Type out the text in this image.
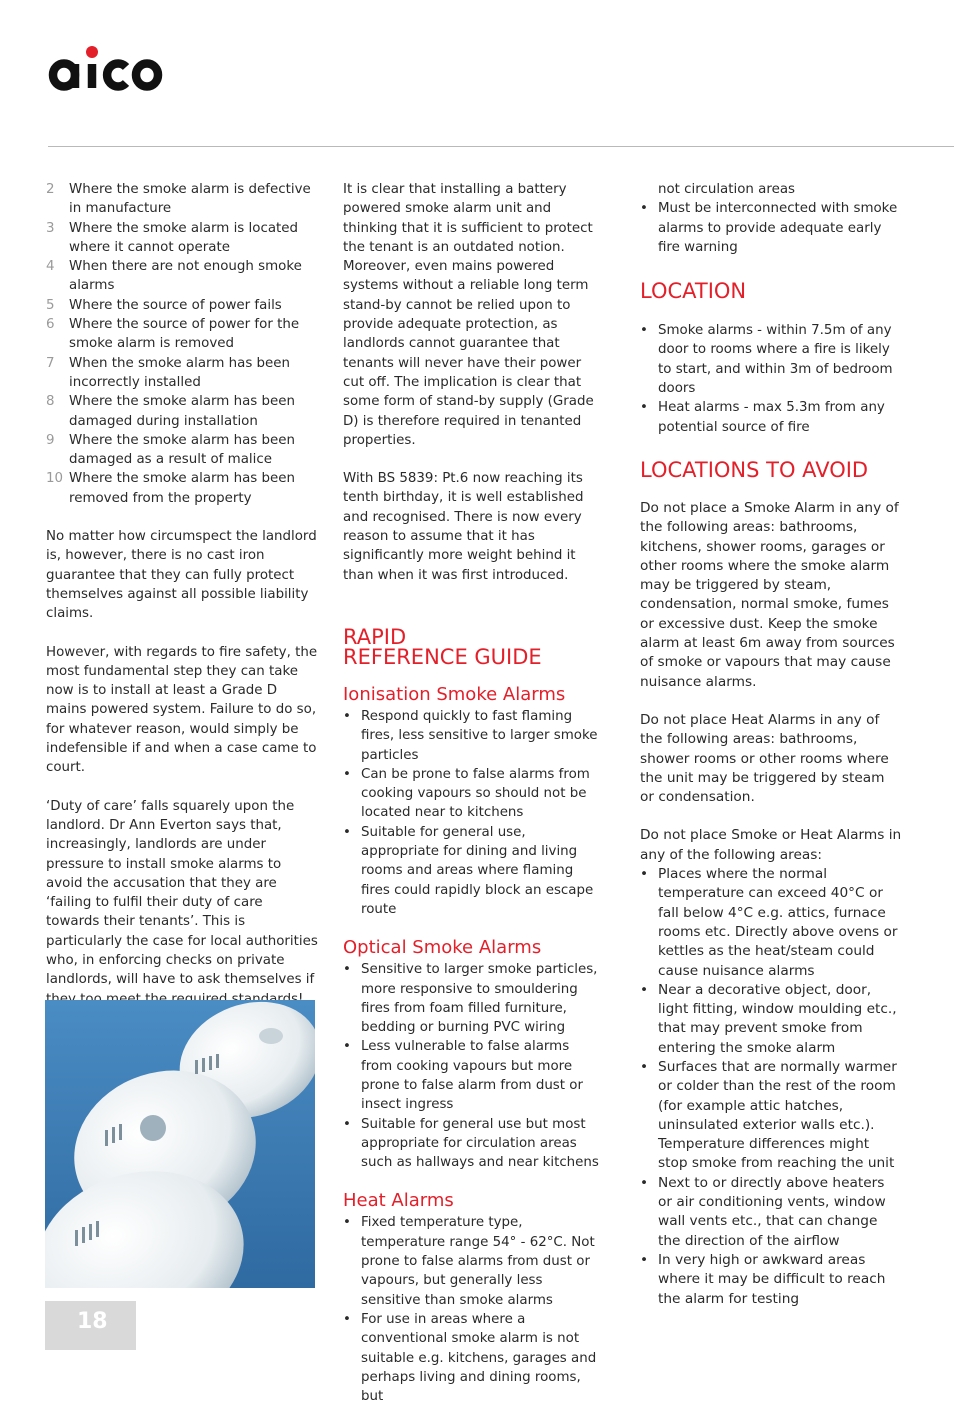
2 Where the smoke alarm is defective in manufacture
3 Where the smoke alarm is located where it cannot operate
4 When there are not enough smoke alarms
5 Where the source of power fails
6 Where the source of power for the smoke alarm is removed
7 When the smoke alarm has been incorrectly installed
8 Where the smoke alarm has been damaged during installation
9 Where the smoke alarm has been damaged as a result of malice
10 Where the smoke alarm has been removed from the property

No matter how circumspect the landlord is, however, there is no cast iron guarantee that they can fully protect themselves against all possible liability claims.

However, with regards to fire safety, the most fundamental step they can take now is to install at least a Grade D mains powered system. Failure to do so, for whatever reason, would simply be indefensible if and when a case came to court.

‘Duty of care’ falls squarely upon the landlord. Dr Ann Everton says that, increasingly, landlords are under pressure to install smoke alarms to avoid the accusation that they are ‘failing to fulfil their duty of care towards their tenants’. This is particularly the case for local authorities who, in enforcing checks on private landlords, will have to ask themselves if

It is clear that installing a battery powered smoke alarm unit and thinking that it is sufficient to protect the tenant is an outdated notion. Moreover, even mains powered systems without a reliable long term stand-by cannot be relied upon to provide adequate protection, as landlords cannot guarantee that tenants will never have their power cut off. The implication is clear that some form of stand-by supply (Grade D) is therefore required in tenanted properties.

With BS 5839: Pt.6 now reaching its tenth birthday, it is well established and recognised. There is now every reason to assume that it has significantly more weight behind it than when it was first introduced.

RAPID
REFERENCE GUIDE
Ionisation Smoke Alarms
• Respond quickly to fast flaming fires, less sensitive to larger smoke particles
• Can be prone to false alarms from cooking vapours so should not be located near to kitchens
• Suitable for general use, appropriate for dining and living rooms and areas where flaming fires could rapidly block an escape route
Optical Smoke Alarms
• Sensitive to larger smoke particles, more responsive to smouldering fires from foam filled furniture, bedding or burning PVC wiring
• Less vulnerable to false alarms from cooking vapours but more prone to false alarm from dust or insect ingress
• Suitable for general use but most appropriate for circulation areas such as hallways and near kitchens
Heat Alarms
• Fixed temperature type, temperature range 54° - 62°C. Not prone to false alarms from dust or vapours, but generally less sensitive than smoke alarms
• For use in areas where a conventional smoke alarm is not suitable e.g. kitchens, garages and perhaps living and dining rooms, but
not circulation areas
• Must be interconnected with smoke alarms to provide adequate early fire warning
LOCATION
• Smoke alarms - within 7.5m of any door to rooms where a fire is likely to start, and within 3m of bedroom doors
• Heat alarms - max 5.3m from any potential source of fire
LOCATIONS TO AVOID

Do not place a Smoke Alarm in any of the following areas: bathrooms, kitchens, shower rooms, garages or other rooms where the smoke alarm may be triggered by steam, condensation, normal smoke, fumes or excessive dust. Keep the smoke alarm at least 6m away from sources of smoke or vapours that may cause nuisance alarms.

Do not place Heat Alarms in any of the following areas: bathrooms, shower rooms or other rooms where the unit may be triggered by steam or condensation.

Do not place Smoke or Heat Alarms in any of the following areas:

• Places where the normal temperature can exceed 40°C or fall below 4°C e.g. attics, furnace rooms etc. Directly above ovens or kettles as the heat/steam could cause nuisance alarms
• Near a decorative object, door, light fitting, window moulding etc., that may prevent smoke from entering the smoke alarm
• Surfaces that are normally warmer or colder than the rest of the room (for example attic hatches, uninsulated exterior walls etc.). Temperature differences might stop smoke from reaching the unit
• Next to or directly above heaters or air conditioning vents, window wall vents etc., that can change the direction of the airflow
• In very high or awkward areas where it may be difficult to reach the alarm for testing
18
